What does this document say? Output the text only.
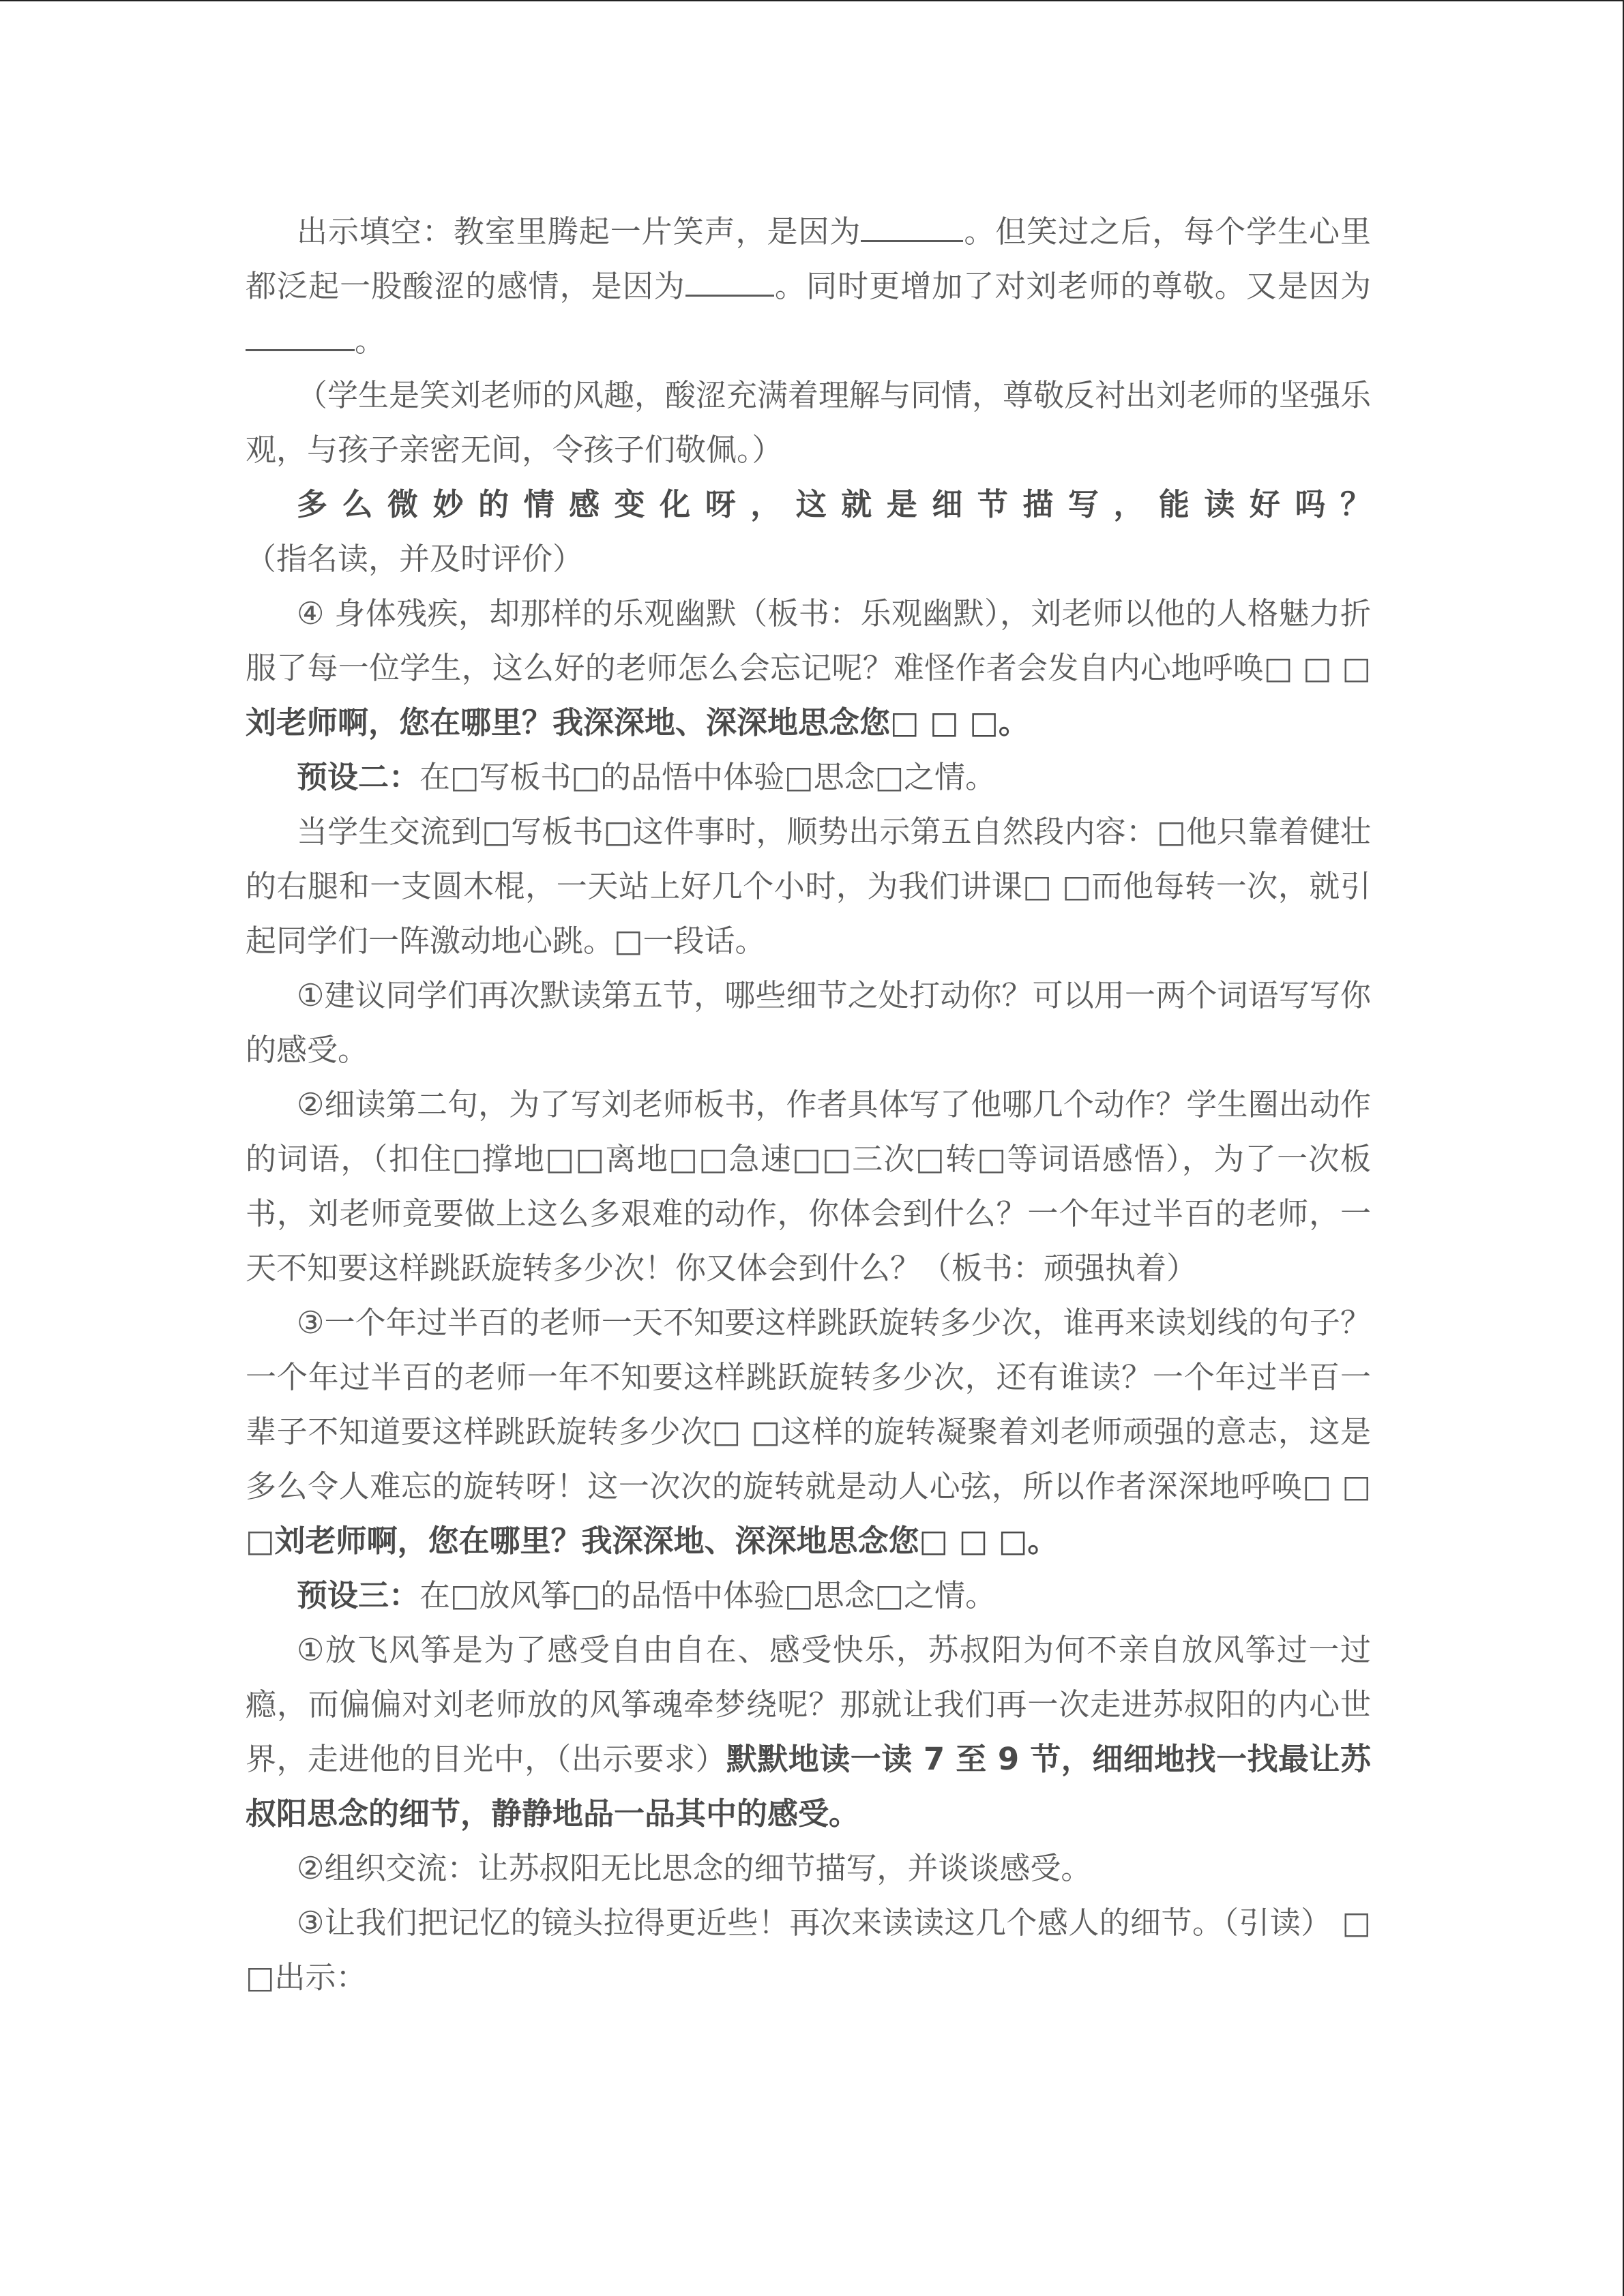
出示填空：教室里腾起一片笑声，是因为	。但笑过之后，每个学生心里都泛起一股酸涩的感情，是因为	。同时更增加了对刘老师的尊敬。又是因为。

（学生是笑刘老师的风趣，酸涩充满着理解与同情，尊敬反衬出刘老师的坚强乐观，与孩子亲密无间，令孩子们敬佩。）

多么微妙的情感变化呀，这就是细节描写，能读好吗？（指名读，并及时评价）

④ 身体残疾，却那样的乐观幽默（板书：乐观幽默），刘老师以他的人格魅力折服了每一位学生，这么好的老师怎么会忘记呢？难怪作者会发自内心地呼唤□ □ □刘老师啊，您在哪里？我深深地、深深地思念您□ □ □。

预设二：在□写板书□的品悟中体验□思念□之情。

当学生交流到□写板书□这件事时，顺势出示第五自然段内容：□他只靠着健壮的右腿和一支圆木棍，一天站上好几个小时，为我们讲课□ □而他每转一次，就引起同学们一阵激动地心跳。□一段话。

①建议同学们再次默读第五节，哪些细节之处打动你？可以用一两个词语写写你的感受。

②细读第二句，为了写刘老师板书，作者具体写了他哪几个动作？学生圈出动作的词语，（扣住□撑地□□离地□□急速□□三次□转□等词语感悟），为了一次板书，刘老师竟要做上这么多艰难的动作，你体会到什么？一个年过半百的老师，一天不知要这样跳跃旋转多少次！你又体会到什么？（板书：顽强执着）

③一个年过半百的老师一天不知要这样跳跃旋转多少次，谁再来读划线的句子？ 一个年过半百的老师一年不知要这样跳跃旋转多少次，还有谁读？一个年过半百一辈子不知道要这样跳跃旋转多少次□ □这样的旋转凝聚着刘老师顽强的意志，这是多么令人难忘的旋转呀！这一次次的旋转就是动人心弦，所以作者深深地呼唤□ □ □刘老师啊，您在哪里？我深深地、深深地思念您□ □ □。

预设三：在□放风筝□的品悟中体验□思念□之情。

①放飞风筝是为了感受自由自在、感受快乐，苏叔阳为何不亲自放风筝过一过瘾，而偏偏对刘老师放的风筝魂牵梦绕呢？那就让我们再一次走进苏叔阳的内心世界，走进他的目光中，（出示要求）默默地读一读 7 至 9 节，细细地找一找最让苏叔阳思念的细节，静静地品一品其中的感受。

②组织交流：让苏叔阳无比思念的细节描写，并谈谈感受。

③让我们把记忆的镜头拉得更近些！再次来读读这几个感人的细节。（引读） □ □出示：
